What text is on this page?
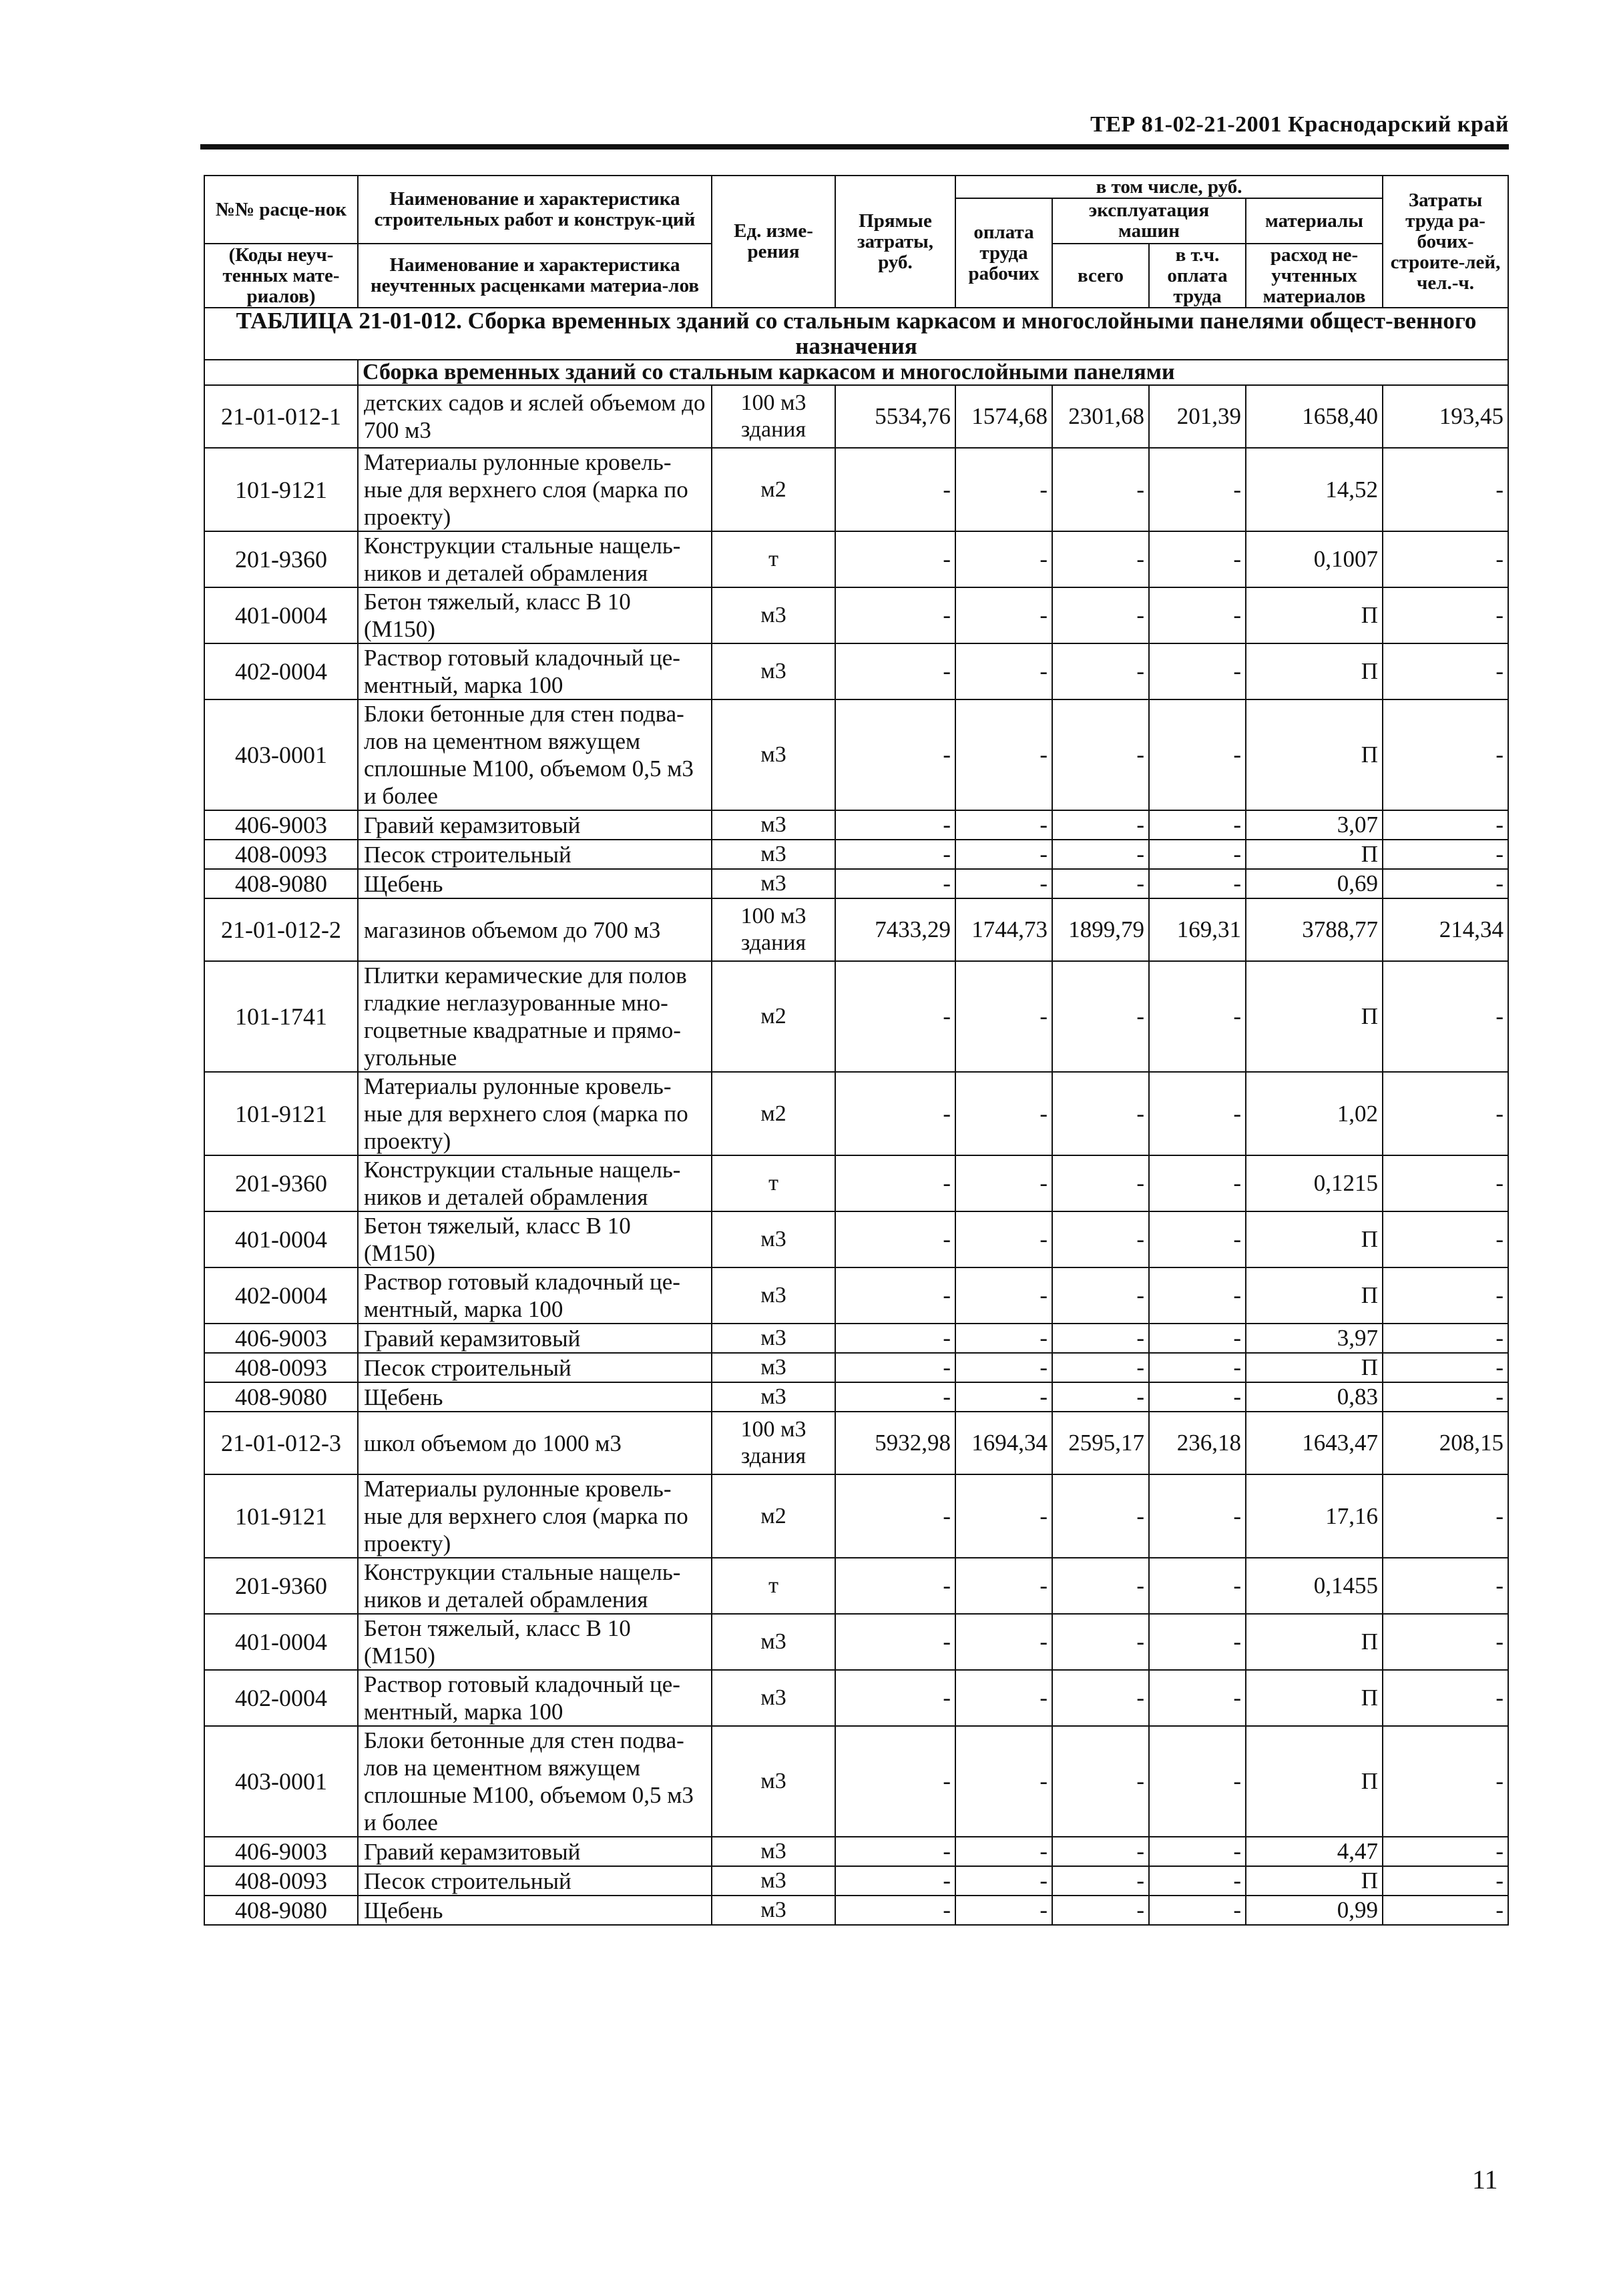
ТЕР 81-02-21-2001 Краснодарский край
№№ расце-нок	Наименование и характеристика строительных работ и конструк-ций	Ед. изме-рения	Прямые затраты, руб.	в том числе, руб.				Затраты труда ра-бочих-строите-лей, чел.-ч.
				оплата труда рабочих	эксплуатация машин		материалы	

(Коды неуч-тенных мате-риалов)	Наименование и характеристика неучтенных расценками материа-лов				всего	в т.ч. оплата труда	расход не-учтенных материалов	

ТАБЛИЦА 21-01-012. Сборка временных зданий со стальным каркасом и многослойными панелями общест-венного назначения								
	Сборка временных зданий со стальным каркасом и многослойными панелями							
21-01-012-1	детских садов и яслей объемом до 700 м3	100 м3 здания	5534,76	1574,68	2301,68	201,39	1658,40	193,45
101-9121	Материалы рулонные кровель-ные для верхнего слоя (марка по проекту)	м2	-	-	-	-	14,52	-
201-9360	Конструкции стальные нащель-ников и деталей обрамления	т	-	-	-	-	0,1007	-
401-0004	Бетон тяжелый, класс В 10 (М150)	м3	-	-	-	-	П	-
402-0004	Раствор готовый кладочный це-ментный, марка 100	м3	-	-	-	-	П	-
403-0001	Блоки бетонные для стен подва-лов на цементном вяжущем сплошные М100, объемом 0,5 м3 и более	м3	-	-	-	-	П	-
406-9003	Гравий керамзитовый	м3	-	-	-	-	3,07	-
408-0093	Песок строительный	м3	-	-	-	-	П	-
408-9080	Щебень	м3	-	-	-	-	0,69	-
21-01-012-2	магазинов объемом до 700 м3	100 м3 здания	7433,29	1744,73	1899,79	169,31	3788,77	214,34
101-1741	Плитки керамические для полов гладкие неглазурованные мно-гоцветные квадратные и прямо-угольные	м2	-	-	-	-	П	-
101-9121	Материалы рулонные кровель-ные для верхнего слоя (марка по проекту)	м2	-	-	-	-	1,02	-
201-9360	Конструкции стальные нащель-ников и деталей обрамления	т	-	-	-	-	0,1215	-
401-0004	Бетон тяжелый, класс В 10 (М150)	м3	-	-	-	-	П	-
402-0004	Раствор готовый кладочный це-ментный, марка 100	м3	-	-	-	-	П	-
406-9003	Гравий керамзитовый	м3	-	-	-	-	3,97	-
408-0093	Песок строительный	м3	-	-	-	-	П	-
408-9080	Щебень	м3	-	-	-	-	0,83	-
21-01-012-3	школ объемом до 1000 м3	100 м3 здания	5932,98	1694,34	2595,17	236,18	1643,47	208,15
101-9121	Материалы рулонные кровель-ные для верхнего слоя (марка по проекту)	м2	-	-	-	-	17,16	-
201-9360	Конструкции стальные нащель-ников и деталей обрамления	т	-	-	-	-	0,1455	-
401-0004	Бетон тяжелый, класс В 10 (М150)	м3	-	-	-	-	П	-
402-0004	Раствор готовый кладочный це-ментный, марка 100	м3	-	-	-	-	П	-
403-0001	Блоки бетонные для стен подва-лов на цементном вяжущем сплошные М100, объемом 0,5 м3 и более	м3	-	-	-	-	П	-
406-9003	Гравий керамзитовый	м3	-	-	-	-	4,47	-
408-0093	Песок строительный	м3	-	-	-	-	П	-
408-9080	Щебень	м3	-	-	-	-	0,99	-
11
